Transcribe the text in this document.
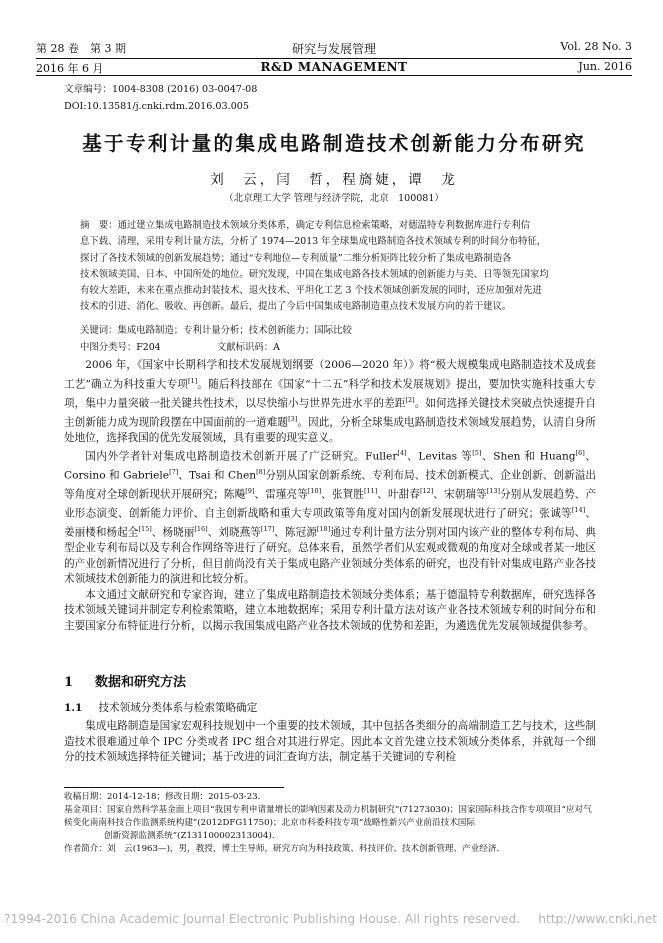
第 28 卷　第 3 期	研究与发展管理	Vol. 28 No. 3
2016 年 6 月	R&D MANAGEMENT	Jun. 2016
文章编号：1004-8308 (2016) 03-0047-08
DOI:10.13581/j.cnki.rdm.2016.03.005
基于专利计量的集成电路制造技术创新能力分布研究
刘　云，闫　哲，程旖婕，谭　龙
（北京理工大学 管理与经济学院，北京　100081）

摘　要：通过建立集成电路制造技术领域分类体系，确定专利信息检索策略，对德温特专利数据库进行专利信

息下载、清理，采用专利计量方法，分析了 1974—2013 年全球集成电路制造各技术领域专利的时间分布特征，

探讨了各技术领域的创新发展趋势；通过“专利地位—专利质量”二维分析矩阵比较分析了集成电路制造各

技术领域美国、日本、中国所处的地位。研究发现，中国在集成电路各技术领域的创新能力与美、日等领先国家均

有较大差距，未来在重点推动封装技术、退火技术、平坦化工艺 3 个技术领域创新发展的同时，还应加强对先进

技术的引进、消化、吸收、再创新。最后，提出了今后中国集成电路制造重点技术发展方向的若干建议。

关键词：集成电路制造；专利计量分析；技术创新能力；国际比较
中图分类号：F204　　　　　　文献标识码：A

2006 年，《国家中长期科学和技术发展规划纲要（2006—2020 年）》将“极大规模集成电路制造技术及成套工艺”确立为科技重大专项[1]。随后科技部在《国家“十二五”科学和技术发展规划》提出，要加快实施科技重大专项，集中力量突破一批关键共性技术，以尽快缩小与世界先进水平的差距[2]。如何选择关键技术突破点快速提升自主创新能力成为现阶段摆在中国面前的一道难题[3]。因此，分析全球集成电路制造技术领域发展趋势，认清自身所处地位，选择我国的优先发展领域，具有重要的现实意义。

国内外学者针对集成电路制造技术创新开展了广泛研究。Fuller[4]、Levitas 等[5]、Shen 和 Huang[6]、Corsino 和 Gabriele[7]、Tsai 和 Chen[8]分别从国家创新系统、专利布局、技术创新模式、企业创新、创新溢出等角度对全球创新现状开展研究；陈飚[9]、雷瑾亮等[10]、张賀胜[11]、叶甜春[12]、宋朝瑞等[13]分别从发展趋势、产业形态演变、创新能力评价、自主创新战略和重大专项政策等角度对国内创新发展现状进行了研究；张诚等[14]、姜丽楼和杨起全[15]、杨晓丽[16]、刘晓燕等[17]、陈冠源[18]通过专利计量方法分别对国内该产业的整体专利布局、典型企业专利布局以及专利合作网络等进行了研究。总体来看，虽然学者们从宏观或微观的角度对全球或者某一地区的产业创新情况进行了分析，但目前尚没有关于集成电路产业领域分类体系的研究，也没有针对集成电路产业各技术领域技术创新能力的演进和比较分析。

本文通过文献研究和专家咨询，建立了集成电路制造技术领域分类体系；基于德温特专利数据库，研究选择各技术领域关键词并制定专利检索策略，建立本地数据库；采用专利计量方法对该产业各技术领域专利的时间分布和主要国家分布特征进行分析，以揭示我国集成电路产业各技术领域的优势和差距，为遴选优先发展领域提供参考。

1 数据和研究方法
1.1 技术领域分类体系与检索策略确定

集成电路制造是国家宏观科技规划中一个重要的技术领域，其中包括各类细分的高端制造工艺与技术，这些制造技术很难通过单个 IPC 分类或者 IPC 组合对其进行界定。因此本文首先建立技术领域分类体系，并就每一个细分的技术领域选择特征关键词；基于改进的词汇查询方法，制定基于关键词的专利检

收稿日期：2014-12-18；修改日期：2015-03-23.

基金项目：国家自然科学基金面上项目“我国专利申请量增长的影响因素及动力机制研究”(71273030)；国家国际科技合作专项项目“应对气候变化南南科技合作监测系统构建”(2012DFG11750)；北京市科委科技专项“战略性新兴产业前沿技术国际

创新资源监测系统”(Z131100002313004).

作者简介：刘　云(1963—)，男，教授，博士生导师，研究方向为科技政策、科技评价、技术创新管理、产业经济.

?1994-2016 China Academic Journal Electronic Publishing House. All rights reserved. http://www.cnki.net
